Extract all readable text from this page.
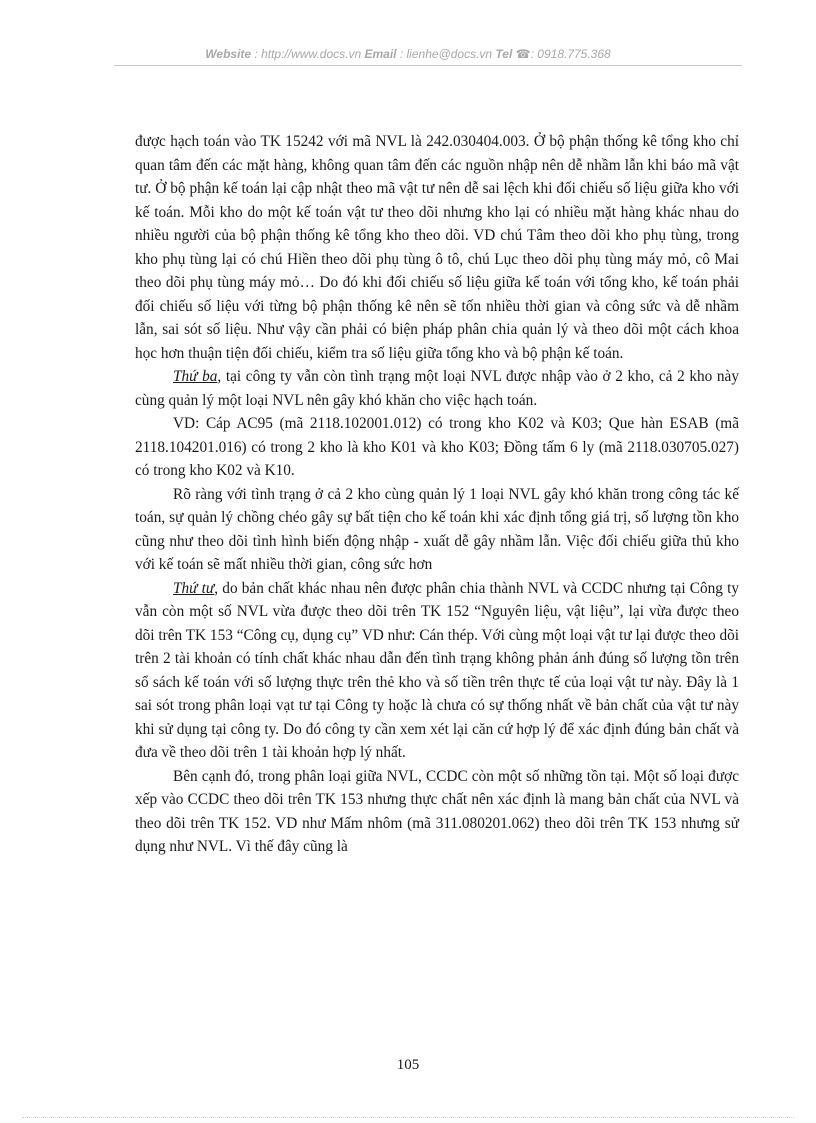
Website : http://www.docs.vn Email : lienhe@docs.vn Tel ☎: 0918.775.368

được hạch toán vào TK 15242 với mã NVL là 242.030404.003. Ở bộ phận thống kê tổng kho chỉ quan tâm đến các mặt hàng, không quan tâm đến các nguồn nhập nên dễ nhầm lẫn khi báo mã vật tư. Ở bộ phận kế toán lại cập nhật theo mã vật tư nên dễ sai lệch khi đối chiếu số liệu giữa kho với kế toán. Mỗi kho do một kế toán vật tư theo dõi nhưng kho lại có nhiều mặt hàng khác nhau do nhiều người của bộ phận thống kê tổng kho theo dõi. VD chú Tâm theo dõi kho phụ tùng, trong kho phụ tùng lại có chú Hiền theo dõi phụ tùng ô tô, chú Lục theo dõi phụ tùng máy mỏ, cô Mai theo dõi phụ tùng máy mỏ… Do đó khi đối chiếu số liệu giữa kế toán với tổng kho, kế toán phải đối chiếu số liệu với từng bộ phận thống kê nên sẽ tốn nhiều thời gian và công sức và dễ nhầm lẫn, sai sót số liệu. Như vậy cần phải có biện pháp phân chia quản lý và theo dõi một cách khoa học hơn thuận tiện đối chiếu, kiểm tra số liệu giữa tổng kho và bộ phận kế toán.

Thứ ba, tại công ty vẫn còn tình trạng một loại NVL được nhập vào ở 2 kho, cả 2 kho này cùng quản lý một loại NVL nên gây khó khăn cho việc hạch toán.

VD: Cáp AC95 (mã 2118.102001.012) có trong kho K02 và K03; Que hàn ESAB (mã 2118.104201.016) có trong 2 kho là kho K01 và kho K03; Đồng tấm 6 ly (mã 2118.030705.027) có trong kho K02 và K10.

Rõ ràng với tình trạng ở cả 2 kho cùng quản lý 1 loại NVL gây khó khăn trong công tác kế toán, sự quản lý chồng chéo gây sự bất tiện cho kế toán khi xác định tổng giá trị, số lượng tồn kho cũng như theo dõi tình hình biến động nhập - xuất dễ gây nhầm lẫn. Việc đối chiếu giữa thủ kho với kế toán sẽ mất nhiều thời gian, công sức hơn

Thứ tư, do bản chất khác nhau nên được phân chia thành NVL và CCDC nhưng tại Công ty vẫn còn một số NVL vừa được theo dõi trên TK 152 “Nguyên liệu, vật liệu”, lại vừa được theo dõi trên TK 153 “Công cụ, dụng cụ” VD như: Cán thép. Với cùng một loại vật tư lại được theo dõi trên 2 tài khoản có tính chất khác nhau dẫn đến tình trạng không phản ánh đúng số lượng tồn trên sổ sách kế toán với số lượng thực trên thẻ kho và số tiền trên thực tế của loại vật tư này. Đây là 1 sai sót trong phân loại vạt tư tại Công ty hoặc là chưa có sự thống nhất về bản chất của vật tư này khi sử dụng tại công ty. Do đó công ty cần xem xét lại căn cứ hợp lý để xác định đúng bản chất và đưa về theo dõi trên 1 tài khoản hợp lý nhất.

Bên cạnh đó, trong phân loại giữa NVL, CCDC còn một số những tồn tại. Một số loại được xếp vào CCDC theo dõi trên TK 153 nhưng thực chất nên xác định là mang bản chất của NVL và theo dõi trên TK 152. VD như Mấm nhôm (mã 311.080201.062) theo dõi trên TK 153 nhưng sử dụng như NVL. Vì thế đây cũng là

105
